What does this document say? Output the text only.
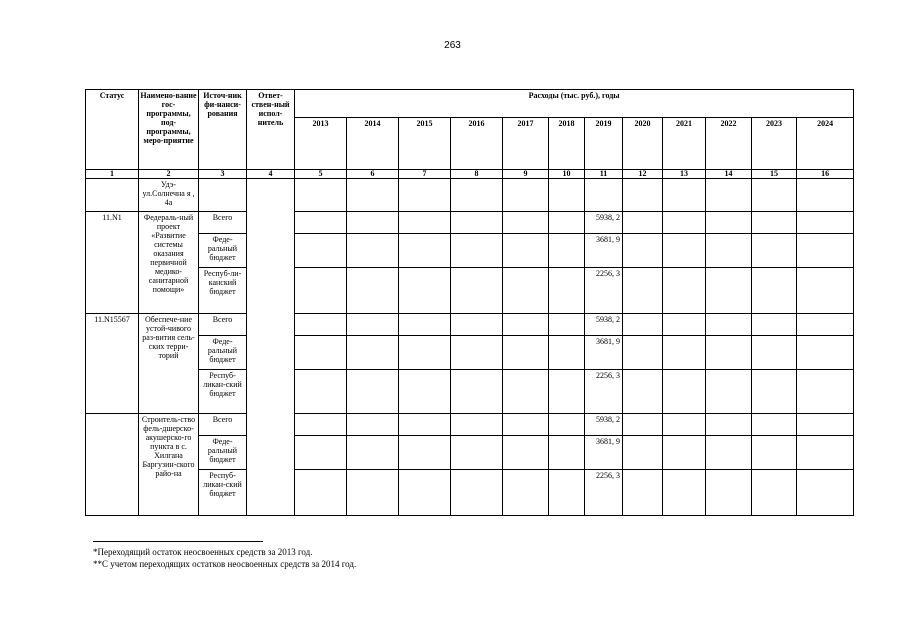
263
Статус	Наимено-вание гос-программы, под-программы, меро-приятие	Источ-ник фи-нанси-рования	Ответ-ствен-ный испол-нитель	Расходы (тыс. руб.), годы											
				2013	2014	2015	2016	2017	2018	2019	2020	2021	2022	2023	2024
1	2	3	4	5	6	7	8	9	10	11	12	13	14	15	16
	Удэ-ул.Солнечна я , 4а														
11.N1	Федераль-ный проект «Развитие системы оказания первичной медико-санитарной помощи»	Всего								5938, 2					
		Феде-ральный бюджет								3681, 9					
		Респуб-ли-канский бюджет								2256, 3					
11.N15567	Обеспече-ние устой-чивого раз-вития сель-ских терри-торий	Всего								5938, 2					
		Феде-ральный бюджет								3681, 9					
		Респуб-ликан-ский бюджет								2256, 3					
	Строитель-ство фель-дшерско-акушерско-го пункта в с. Хилгана Баргузин-ского райо-на	Всего								5938, 2					
		Феде-ральный бюджет								3681, 9					
		Респуб-ликан-ский бюджет								2256, 3					
*Переходящий остаток неосвоенных средств за 2013 год.
**С учетом переходящих остатков неосвоенных средств за 2014 год.
